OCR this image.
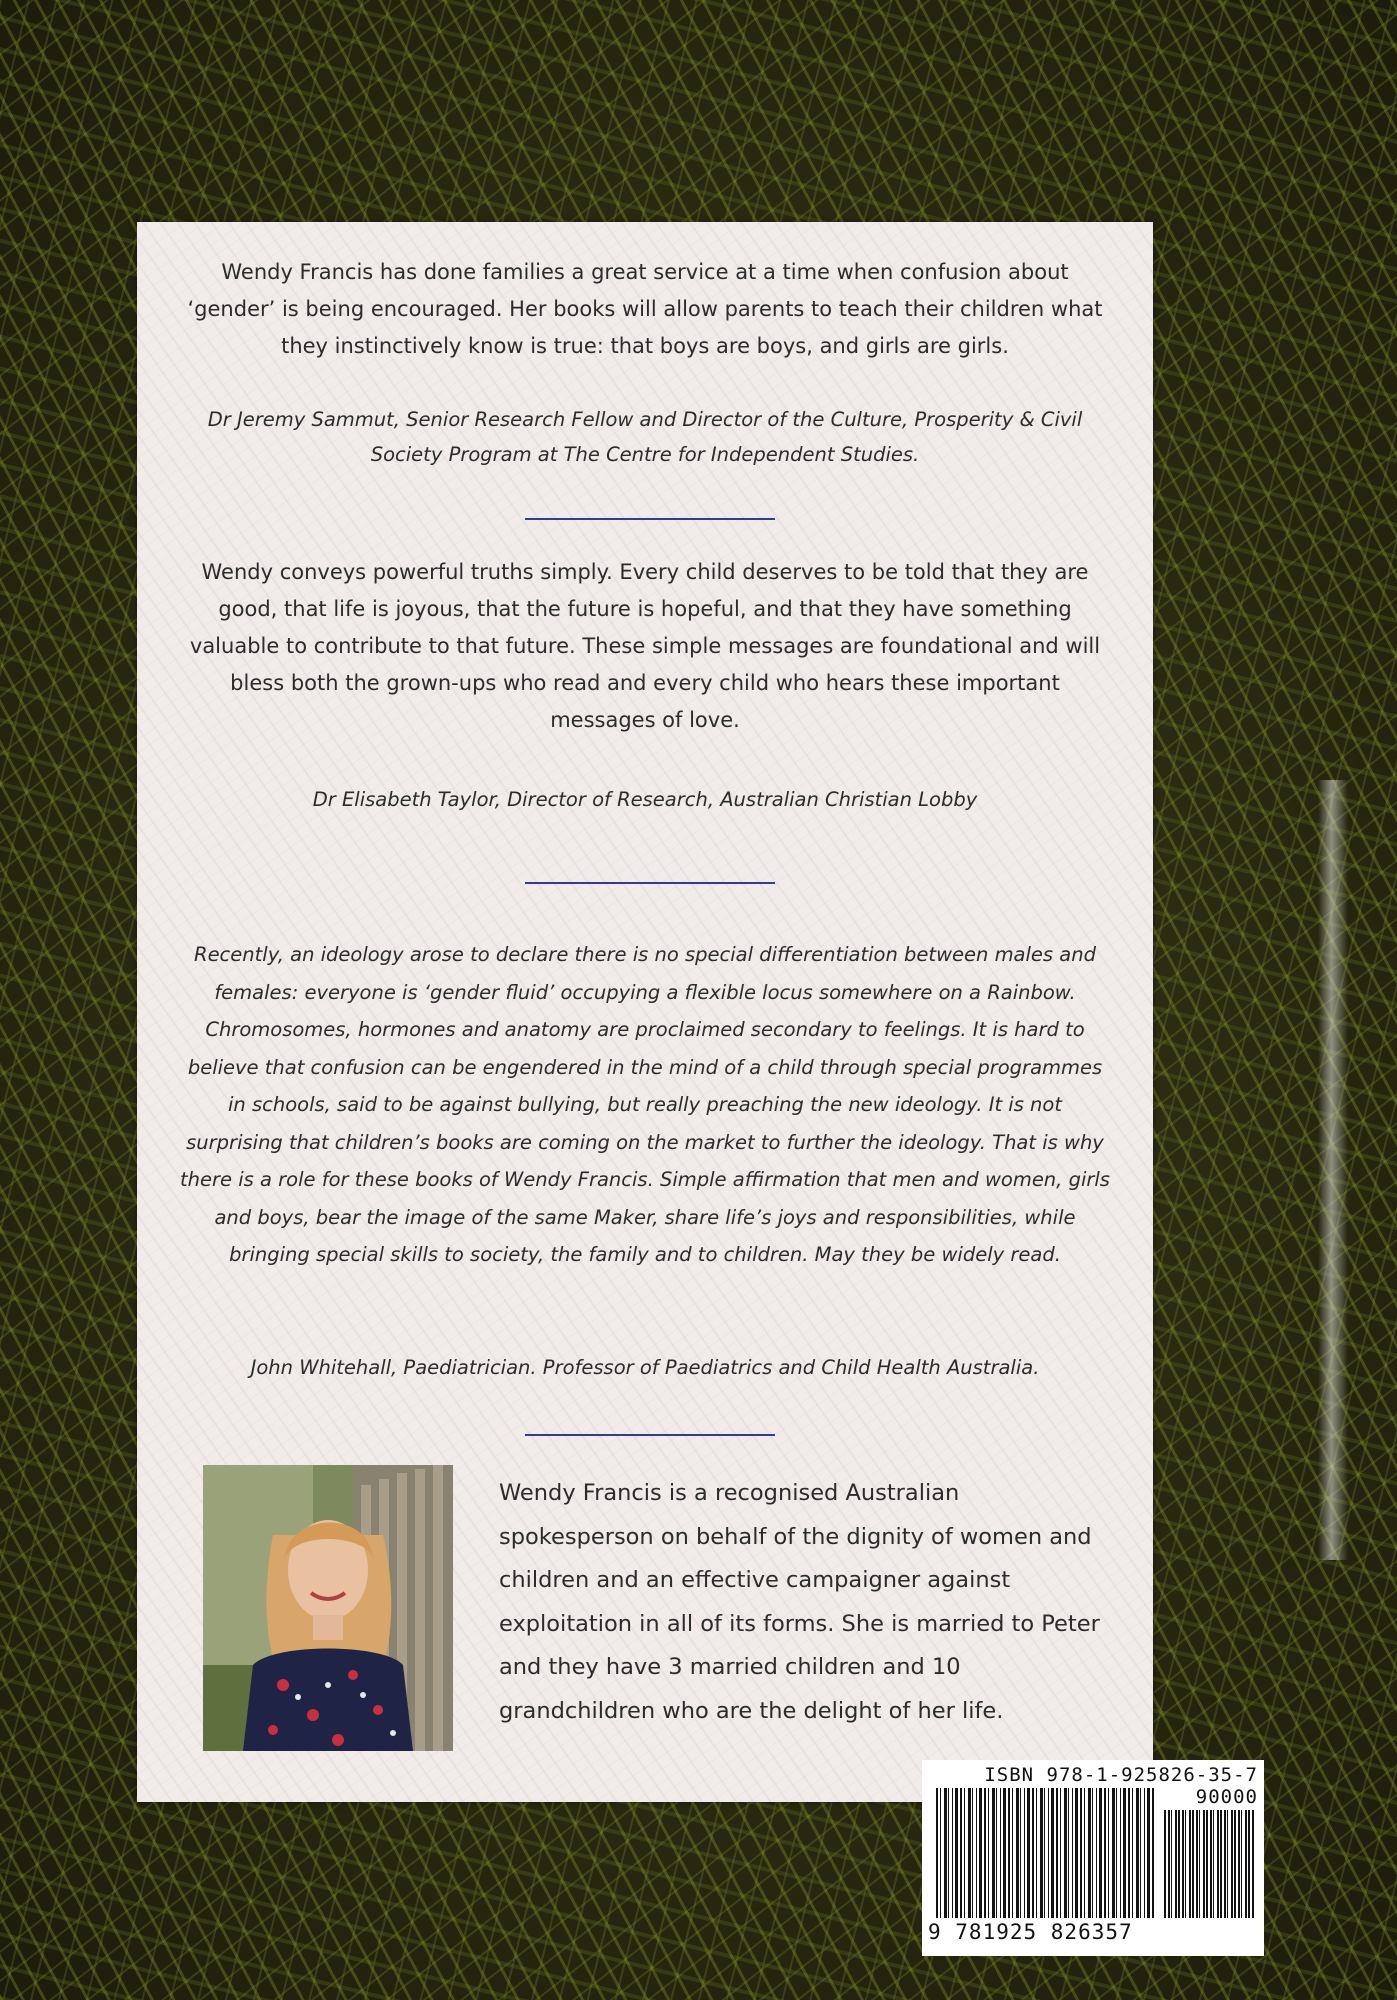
Wendy Francis has done families a great service at a time when confusion about ‘gender’ is being encouraged. Her books will allow parents to teach their children what they instinctively know is true: that boys are boys, and girls are girls.
Dr Jeremy Sammut, Senior Research Fellow and Director of the Culture, Prosperity & Civil Society Program at The Centre for Independent Studies.
Wendy conveys powerful truths simply. Every child deserves to be told that they are good, that life is joyous, that the future is hopeful, and that they have something valuable to contribute to that future. These simple messages are foundational and will bless both the grown-ups who read and every child who hears these important messages of love.
Dr Elisabeth Taylor, Director of Research, Australian Christian Lobby
Recently, an ideology arose to declare there is no special differentiation between males and females: everyone is ‘gender fluid’ occupying a flexible locus somewhere on a Rainbow. Chromosomes, hormones and anatomy are proclaimed secondary to feelings. It is hard to believe that confusion can be engendered in the mind of a child through special programmes in schools, said to be against bullying, but really preaching the new ideology. It is not surprising that children’s books are coming on the market to further the ideology. That is why there is a role for these books of Wendy Francis. Simple affirmation that men and women, girls and boys, bear the image of the same Maker, share life’s joys and responsibilities, while bringing special skills to society, the family and to children. May they be widely read.
John Whitehall, Paediatrician. Professor of Paediatrics and Child Health Australia.
Wendy Francis is a recognised Australian spokesperson on behalf of the dignity of women and children and an effective campaigner against exploitation in all of its forms. She is married to Peter and they have 3 married children and 10 grandchildren who are the delight of her life.
ISBN 978-1-925826-35-7
90000
9 781925 826357
